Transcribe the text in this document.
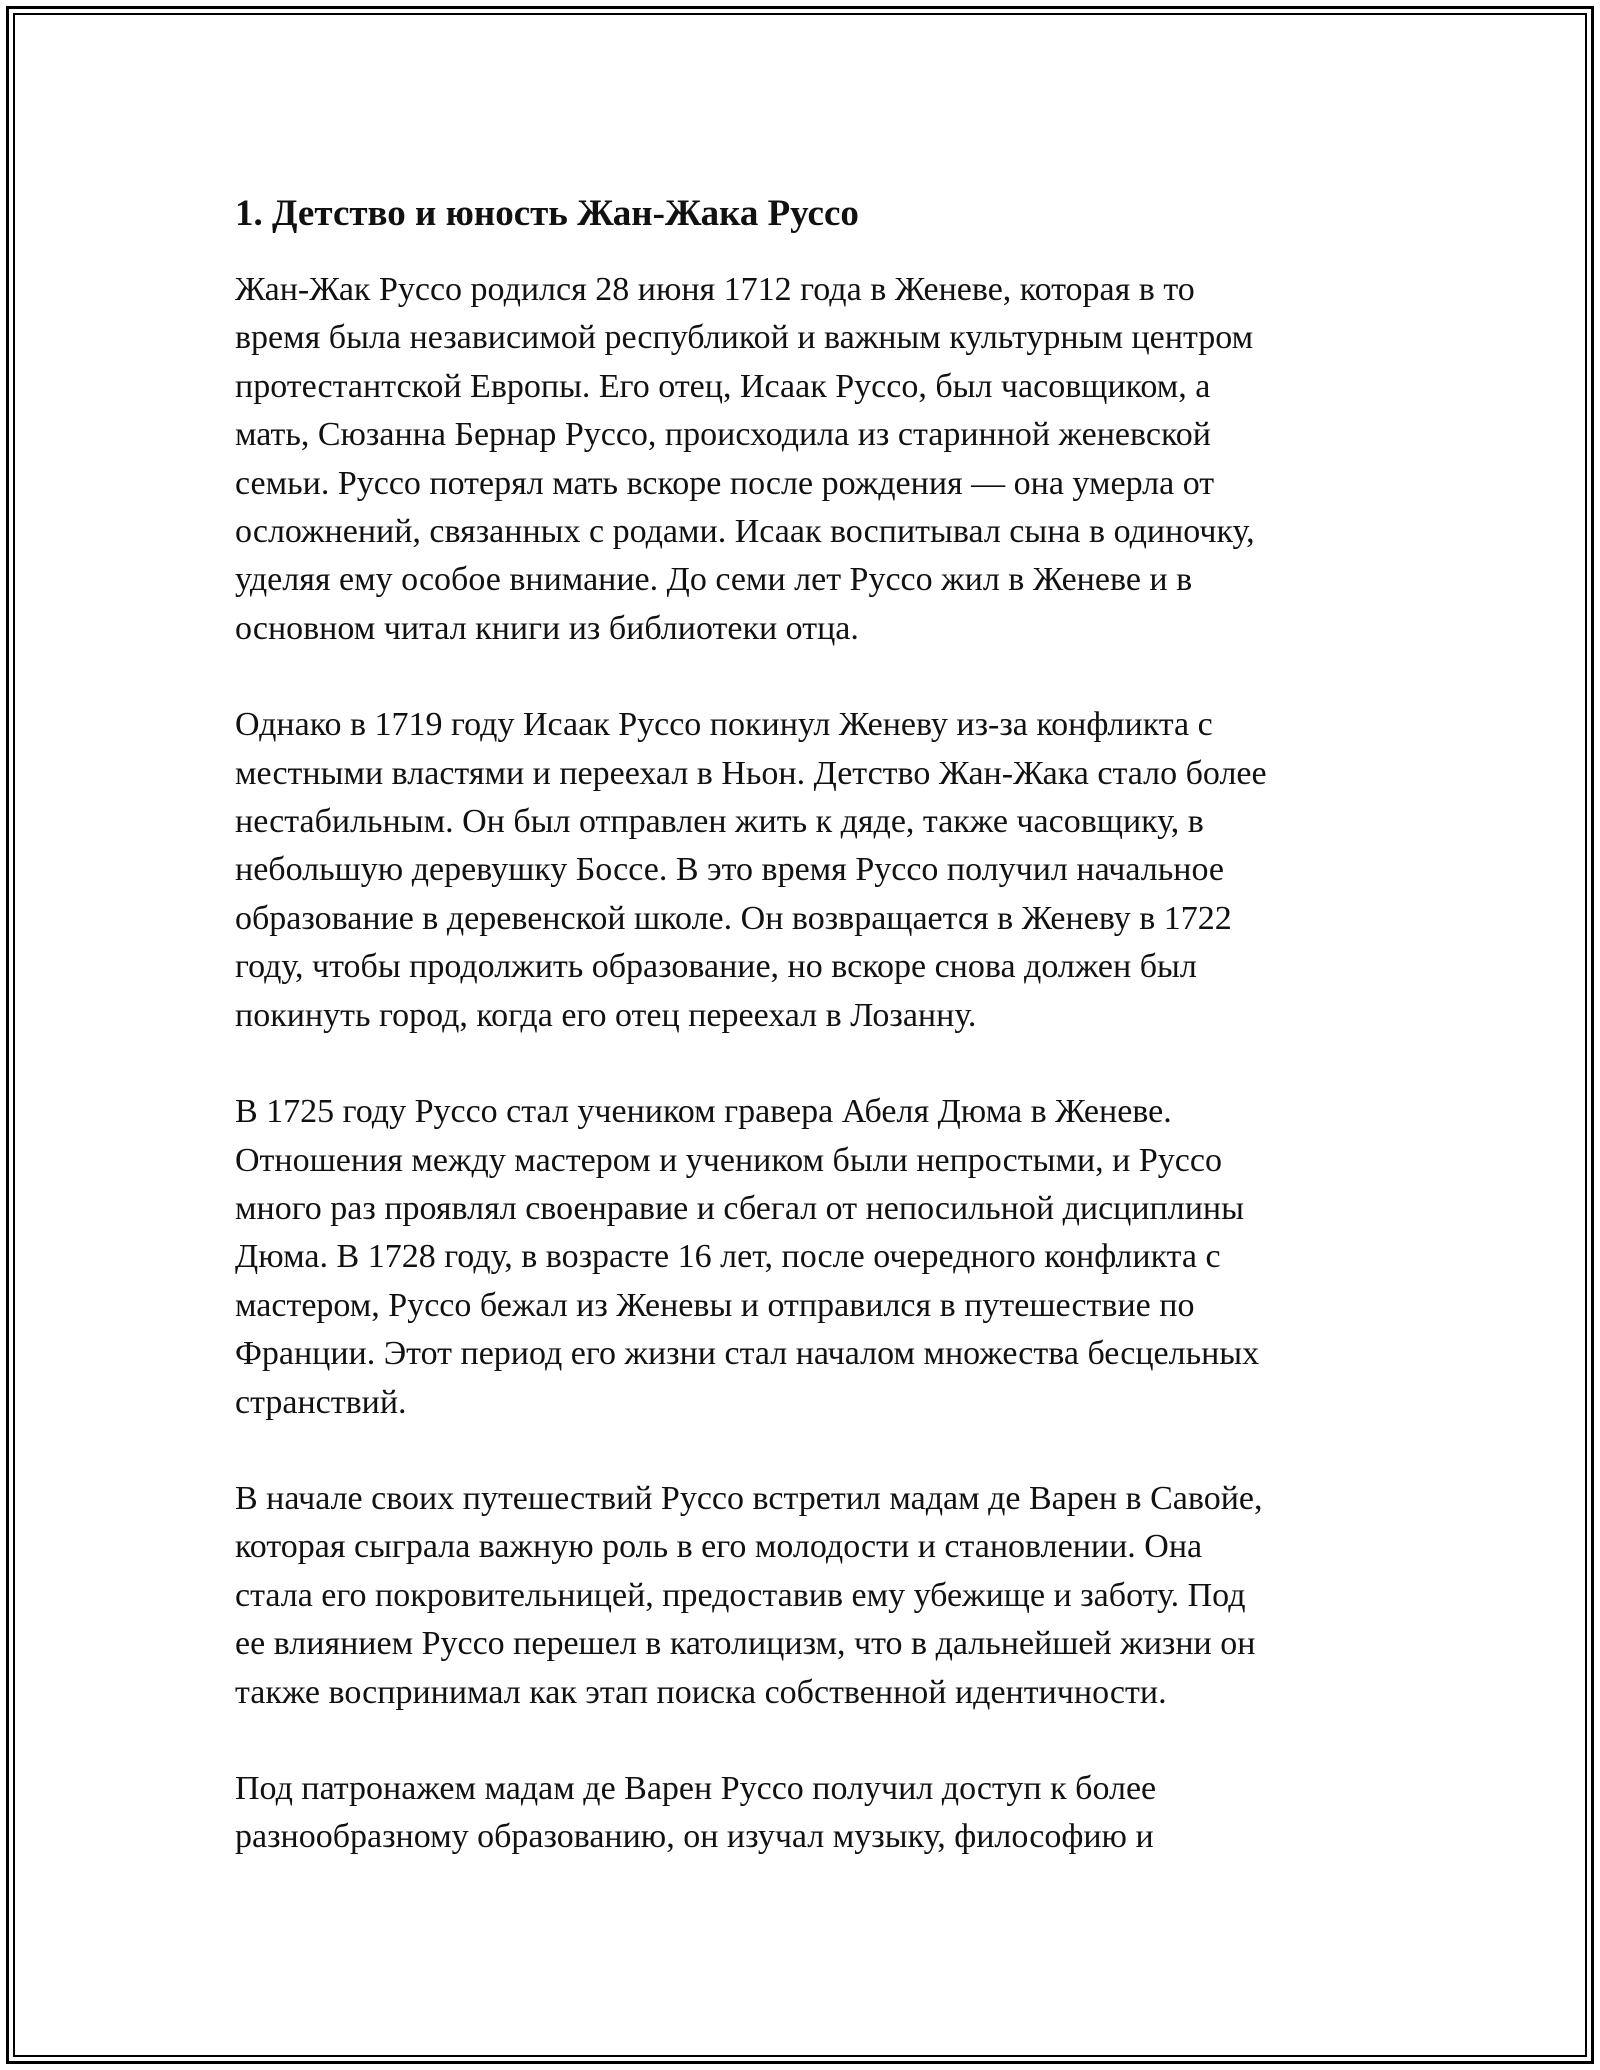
1. Детство и юность Жан-Жака Руссо

Жан-Жак Руссо родился 28 июня 1712 года в Женеве, которая в то
время была независимой республикой и важным культурным центром
протестантской Европы. Его отец, Исаак Руссо, был часовщиком, а
мать, Сюзанна Бернар Руссо, происходила из старинной женевской
семьи. Руссо потерял мать вскоре после рождения — она умерла от
осложнений, связанных с родами. Исаак воспитывал сына в одиночку,
уделяя ему особое внимание. До семи лет Руссо жил в Женеве и в
основном читал книги из библиотеки отца.

Однако в 1719 году Исаак Руссо покинул Женеву из-за конфликта с
местными властями и переехал в Ньон. Детство Жан-Жака стало более
нестабильным. Он был отправлен жить к дяде, также часовщику, в
небольшую деревушку Боссе. В это время Руссо получил начальное
образование в деревенской школе. Он возвращается в Женеву в 1722
году, чтобы продолжить образование, но вскоре снова должен был
покинуть город, когда его отец переехал в Лозанну.

В 1725 году Руссо стал учеником гравера Абеля Дюма в Женеве.
Отношения между мастером и учеником были непростыми, и Руссо
много раз проявлял своенравие и сбегал от непосильной дисциплины
Дюма. В 1728 году, в возрасте 16 лет, после очередного конфликта с
мастером, Руссо бежал из Женевы и отправился в путешествие по
Франции. Этот период его жизни стал началом множества бесцельных
странствий.

В начале своих путешествий Руссо встретил мадам де Варен в Савойе,
которая сыграла важную роль в его молодости и становлении. Она
стала его покровительницей, предоставив ему убежище и заботу. Под
ее влиянием Руссо перешел в католицизм, что в дальнейшей жизни он
также воспринимал как этап поиска собственной идентичности.

Под патронажем мадам де Варен Руссо получил доступ к более
разнообразному образованию, он изучал музыку, философию и
